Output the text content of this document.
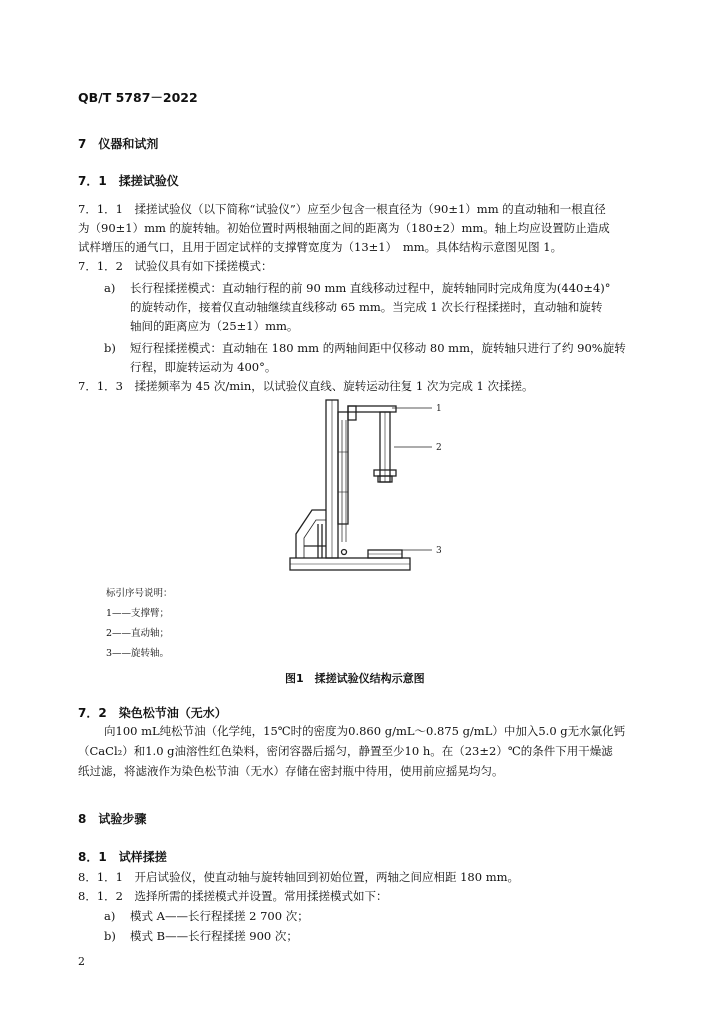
QB/T 5787－2022
7　仪器和试剂
7．1　揉搓试验仪
7．1．1　揉搓试验仪（以下简称“试验仪”）应至少包含一根直径为（90±1）mm 的直动轴和一根直径
为（90±1）mm 的旋转轴。初始位置时两根轴面之间的距离为（180±2）mm。轴上均应设置防止造成
试样增压的通气口，且用于固定试样的支撑臂宽度为（13±1）　mm。具体结构示意图见图 1。
7．1．2　试验仪具有如下揉搓模式：
a) 长行程揉搓模式：直动轴行程的前 90 mm 直线移动过程中，旋转轴同时完成角度为(440±4)°
的旋转动作，接着仅直动轴继续直线移动 65 mm。当完成 1 次长行程揉搓时，直动轴和旋转
轴间的距离应为（25±1）mm。
b) 短行程揉搓模式：直动轴在 180 mm 的两轴间距中仅移动 80 mm，旋转轴只进行了约 90%旋转
行程，即旋转运动为 400°。
7．1．3　揉搓频率为 45 次/min，以试验仪直线、旋转运动往复 1 次为完成 1 次揉搓。
1
2
3
标引序号说明：
1——支撑臂；
2——直动轴；
3——旋转轴。
图1　揉搓试验仪结构示意图
7．2　染色松节油（无水）
向100 mL纯松节油（化学纯，15℃时的密度为0.860 g/mL～0.875 g/mL）中加入5.0 g无水氯化钙
（CaCl₂）和1.0 g油溶性红色染料，密闭容器后摇匀，静置至少10 h。在（23±2）℃的条件下用干燥滤
纸过滤，将滤液作为染色松节油（无水）存储在密封瓶中待用，使用前应摇晃均匀。
8　试验步骤
8．1　试样揉搓
8．1．1　开启试验仪，使直动轴与旋转轴回到初始位置，两轴之间应相距 180 mm。
8．1．2　选择所需的揉搓模式并设置。常用揉搓模式如下：
a) 模式 A——长行程揉搓 2 700 次；
b) 模式 B——长行程揉搓 900 次；
2
